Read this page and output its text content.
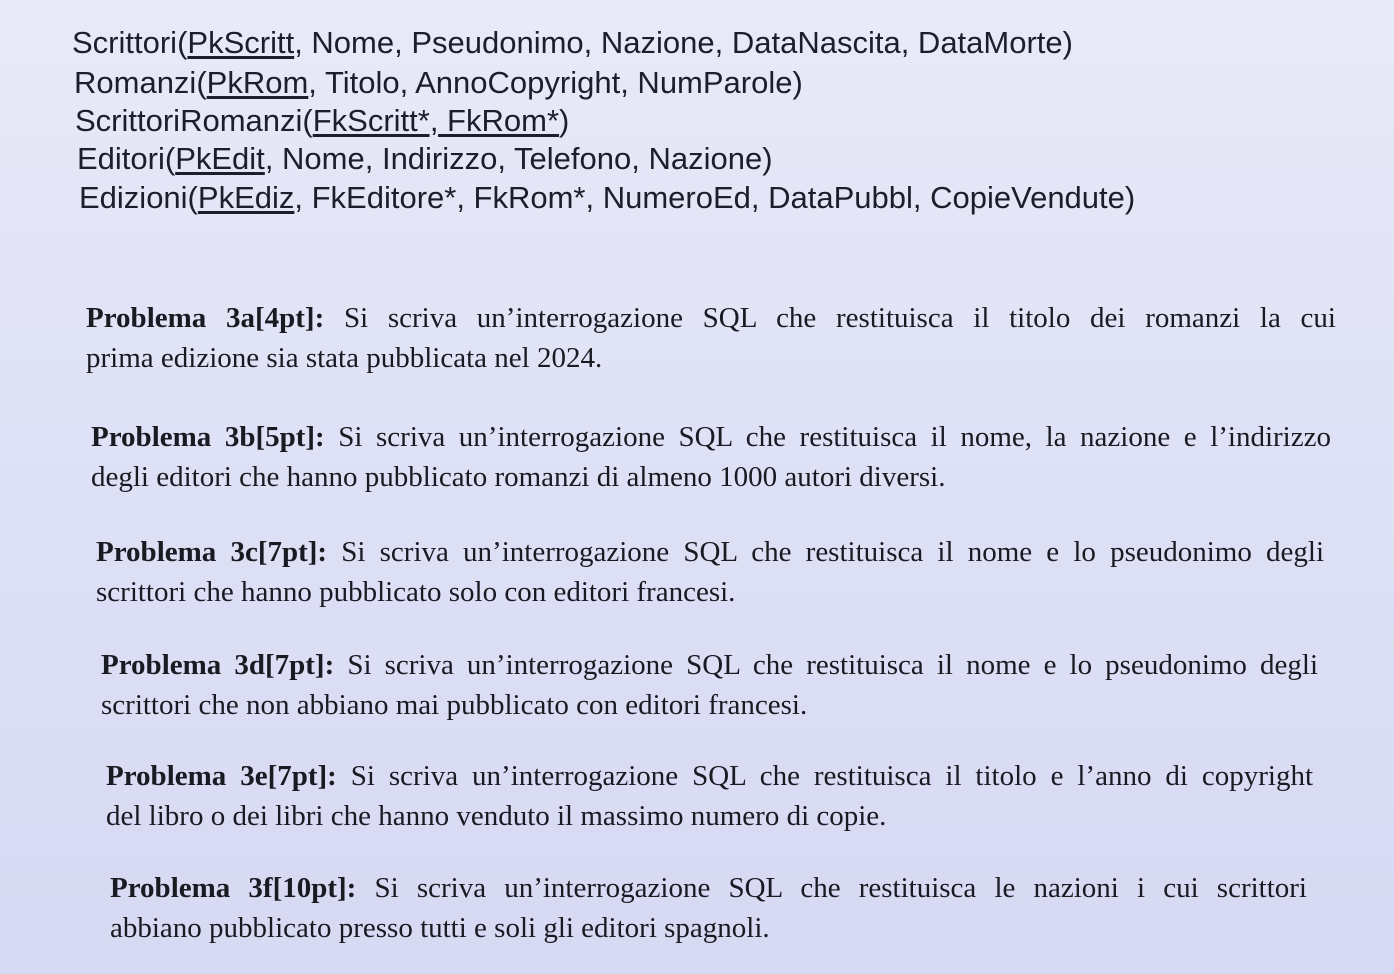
Scrittori(PkScritt, Nome, Pseudonimo, Nazione, DataNascita, DataMorte)
Romanzi(PkRom, Titolo, AnnoCopyright, NumParole)
ScrittoriRomanzi(FkScritt*, FkRom*)
Editori(PkEdit, Nome, Indirizzo, Telefono, Nazione)
Edizioni(PkEdiz, FkEditore*, FkRom*, NumeroEd, DataPubbl, CopieVendute)
Problema 3a[4pt]: Si scriva un’interrogazione SQL che restituisca il titolo dei romanzi la cui
prima edizione sia stata pubblicata nel 2024.
Problema 3b[5pt]: Si scriva un’interrogazione SQL che restituisca il nome, la nazione e l’indirizzo
degli editori che hanno pubblicato romanzi di almeno 1000 autori diversi.
Problema 3c[7pt]: Si scriva un’interrogazione SQL che restituisca il nome e lo pseudonimo degli
scrittori che hanno pubblicato solo con editori francesi.
Problema 3d[7pt]: Si scriva un’interrogazione SQL che restituisca il nome e lo pseudonimo degli
scrittori che non abbiano mai pubblicato con editori francesi.
Problema 3e[7pt]: Si scriva un’interrogazione SQL che restituisca il titolo e l’anno di copyright
del libro o dei libri che hanno venduto il massimo numero di copie.
Problema 3f[10pt]: Si scriva un’interrogazione SQL che restituisca le nazioni i cui scrittori
abbiano pubblicato presso tutti e soli gli editori spagnoli.
